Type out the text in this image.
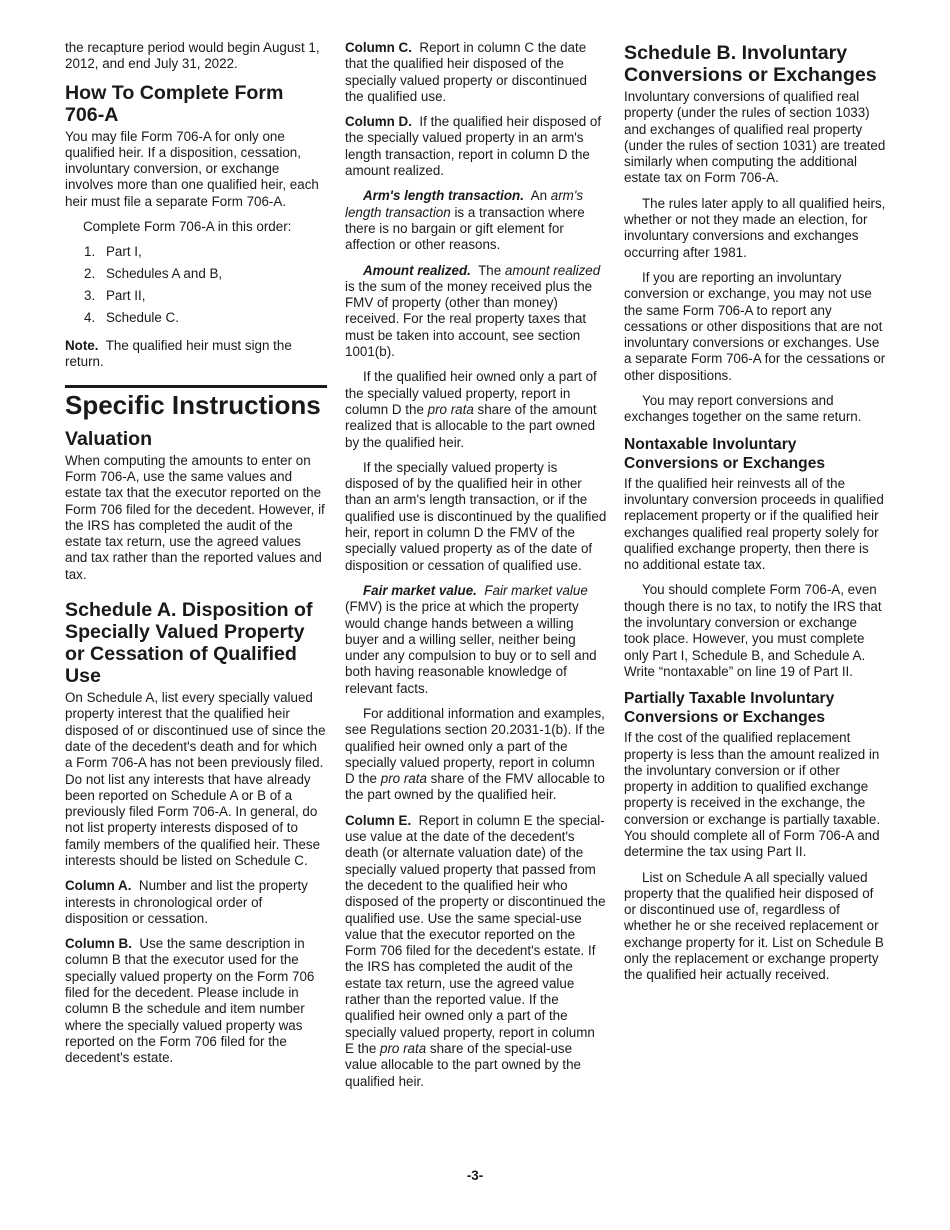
the recapture period would begin August 1, 2012, and end July 31, 2022.

How To Complete Form 706-A

You may file Form 706-A for only one qualified heir. If a disposition, cessation, involuntary conversion, or exchange involves more than one qualified heir, each heir must file a separate Form 706-A.

Complete Form 706-A in this order:

1. Part I,
2. Schedules A and B,
3. Part II,
4. Schedule C.

Note. The qualified heir must sign the return.

Specific Instructions
Valuation

When computing the amounts to enter on Form 706-A, use the same values and estate tax that the executor reported on the Form 706 filed for the decedent. However, if the IRS has completed the audit of the estate tax return, use the agreed values and tax rather than the reported values and tax.

Schedule A. Disposition of Specially Valued Property or Cessation of Qualified Use

On Schedule A, list every specially valued property interest that the qualified heir disposed of or discontinued use of since the date of the decedent's death and for which a Form 706-A has not been previously filed. Do not list any interests that have already been reported on Schedule A or B of a previously filed Form 706-A. In general, do not list property interests disposed of to family members of the qualified heir. These interests should be listed on Schedule C.

Column A. Number and list the property interests in chronological order of disposition or cessation.

Column B. Use the same description in column B that the executor used for the specially valued property on the Form 706 filed for the decedent. Please include in column B the schedule and item number where the specially valued property was reported on the Form 706 filed for the decedent's estate.

Column C. Report in column C the date that the qualified heir disposed of the specially valued property or discontinued the qualified use.

Column D. If the qualified heir disposed of the specially valued property in an arm's length transaction, report in column D the amount realized.

Arm's length transaction. An arm's length transaction is a transaction where there is no bargain or gift element for affection or other reasons.

Amount realized. The amount realized is the sum of the money received plus the FMV of property (other than money) received. For the real property taxes that must be taken into account, see section 1001(b).

If the qualified heir owned only a part of the specially valued property, report in column D the pro rata share of the amount realized that is allocable to the part owned by the qualified heir.

If the specially valued property is disposed of by the qualified heir in other than an arm's length transaction, or if the qualified use is discontinued by the qualified heir, report in column D the FMV of the specially valued property as of the date of disposition or cessation of qualified use.

Fair market value. Fair market value (FMV) is the price at which the property would change hands between a willing buyer and a willing seller, neither being under any compulsion to buy or to sell and both having reasonable knowledge of relevant facts.

For additional information and examples, see Regulations section 20.2031-1(b). If the qualified heir owned only a part of the specially valued property, report in column D the pro rata share of the FMV allocable to the part owned by the qualified heir.

Column E. Report in column E the special-use value at the date of the decedent's death (or alternate valuation date) of the specially valued property that passed from the decedent to the qualified heir who disposed of the property or discontinued the qualified use. Use the same special-use value that the executor reported on the Form 706 filed for the decedent's estate. If the IRS has completed the audit of the estate tax return, use the agreed value rather than the reported value. If the qualified heir owned only a part of the specially valued property, report in column E the pro rata share of the special-use value allocable to the part owned by the qualified heir.

Schedule B. Involuntary Conversions or Exchanges

Involuntary conversions of qualified real property (under the rules of section 1033) and exchanges of qualified real property (under the rules of section 1031) are treated similarly when computing the additional estate tax on Form 706-A.

The rules later apply to all qualified heirs, whether or not they made an election, for involuntary conversions and exchanges occurring after 1981.

If you are reporting an involuntary conversion or exchange, you may not use the same Form 706-A to report any cessations or other dispositions that are not involuntary conversions or exchanges. Use a separate Form 706-A for the cessations or other dispositions.

You may report conversions and exchanges together on the same return.

Nontaxable Involuntary Conversions or Exchanges

If the qualified heir reinvests all of the involuntary conversion proceeds in qualified replacement property or if the qualified heir exchanges qualified real property solely for qualified exchange property, then there is no additional estate tax.

You should complete Form 706-A, even though there is no tax, to notify the IRS that the involuntary conversion or exchange took place. However, you must complete only Part I, Schedule B, and Schedule A. Write “nontaxable” on line 19 of Part II.

Partially Taxable Involuntary Conversions or Exchanges

If the cost of the qualified replacement property is less than the amount realized in the involuntary conversion or if other property in addition to qualified exchange property is received in the exchange, the conversion or exchange is partially taxable. You should complete all of Form 706-A and determine the tax using Part II.

List on Schedule A all specially valued property that the qualified heir disposed of or discontinued use of, regardless of whether he or she received replacement or exchange property for it. List on Schedule B only the replacement or exchange property the qualified heir actually received.

-3-
